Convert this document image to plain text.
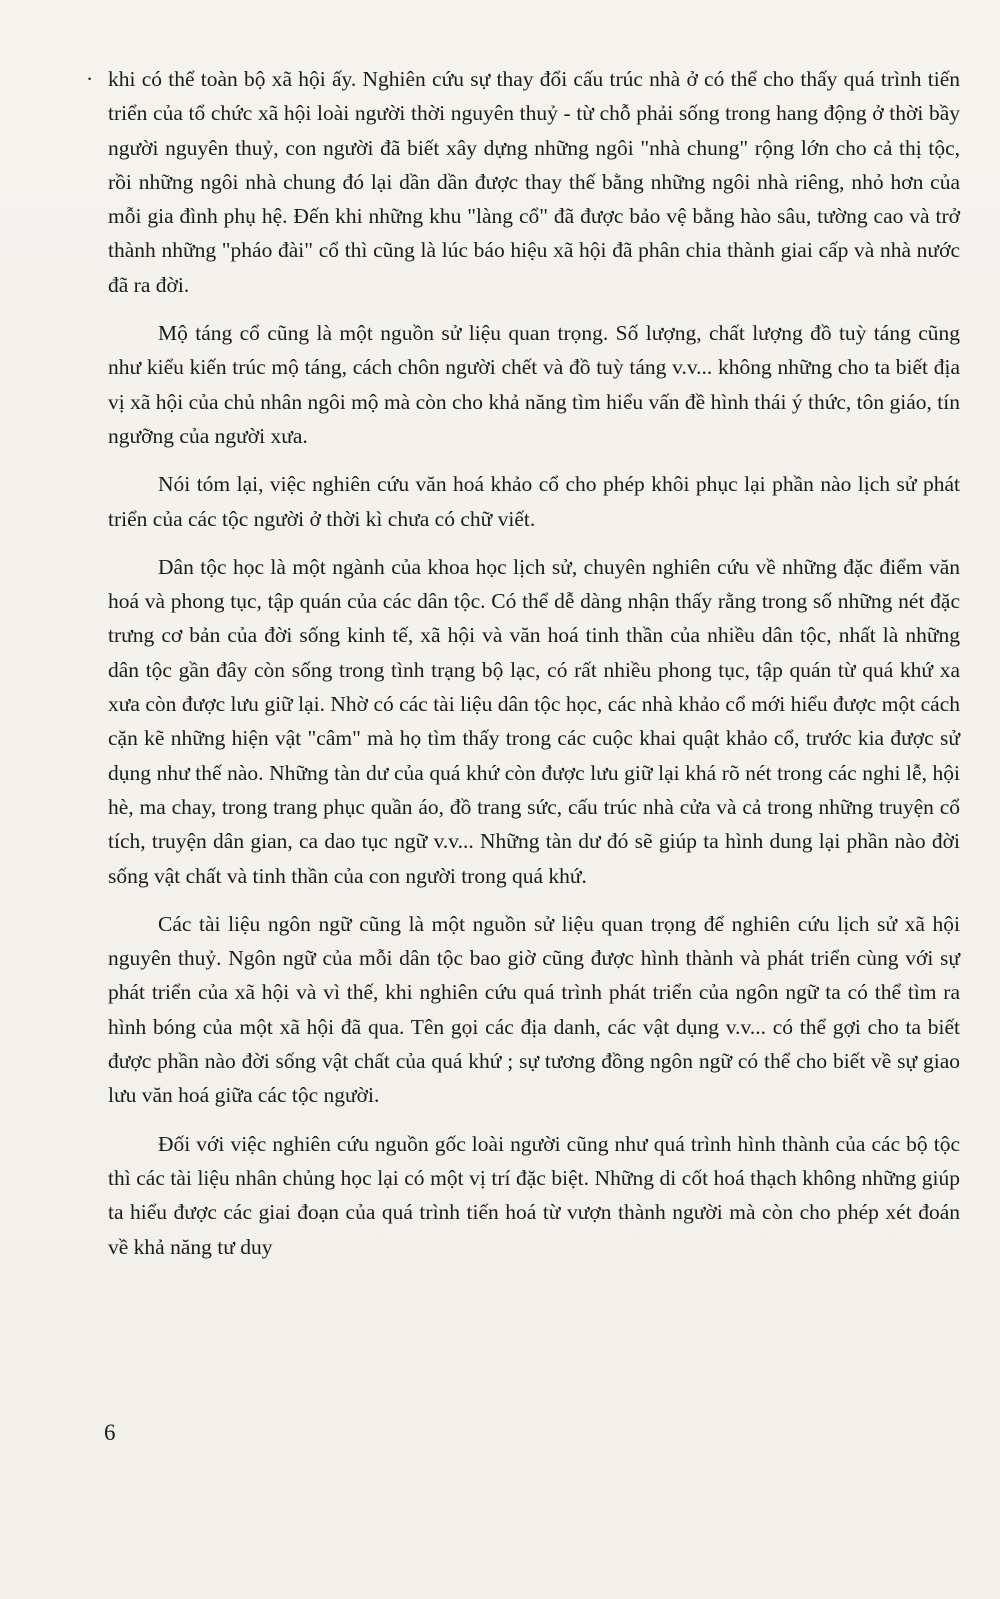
· khi có thể toàn bộ xã hội ấy. Nghiên cứu sự thay đổi cấu trúc nhà ở có thể cho thấy quá trình tiến triển của tổ chức xã hội loài người thời nguyên thuỷ - từ chỗ phải sống trong hang động ở thời bầy người nguyên thuỷ, con người đã biết xây dựng những ngôi "nhà chung" rộng lớn cho cả thị tộc, rồi những ngôi nhà chung đó lại dần dần được thay thế bằng những ngôi nhà riêng, nhỏ hơn của mỗi gia đình phụ hệ. Đến khi những khu "làng cổ" đã được bảo vệ bằng hào sâu, tường cao và trở thành những "pháo đài" cổ thì cũng là lúc báo hiệu xã hội đã phân chia thành giai cấp và nhà nước đã ra đời.

Mộ táng cổ cũng là một nguồn sử liệu quan trọng. Số lượng, chất lượng đồ tuỳ táng cũng như kiểu kiến trúc mộ táng, cách chôn người chết và đồ tuỳ táng v.v... không những cho ta biết địa vị xã hội của chủ nhân ngôi mộ mà còn cho khả năng tìm hiểu vấn đề hình thái ý thức, tôn giáo, tín ngưỡng của người xưa.

Nói tóm lại, việc nghiên cứu văn hoá khảo cổ cho phép khôi phục lại phần nào lịch sử phát triển của các tộc người ở thời kì chưa có chữ viết.

Dân tộc học là một ngành của khoa học lịch sử, chuyên nghiên cứu về những đặc điểm văn hoá và phong tục, tập quán của các dân tộc. Có thể dễ dàng nhận thấy rằng trong số những nét đặc trưng cơ bản của đời sống kinh tế, xã hội và văn hoá tinh thần của nhiều dân tộc, nhất là những dân tộc gần đây còn sống trong tình trạng bộ lạc, có rất nhiều phong tục, tập quán từ quá khứ xa xưa còn được lưu giữ lại. Nhờ có các tài liệu dân tộc học, các nhà khảo cổ mới hiểu được một cách cặn kẽ những hiện vật "câm" mà họ tìm thấy trong các cuộc khai quật khảo cổ, trước kia được sử dụng như thế nào. Những tàn dư của quá khứ còn được lưu giữ lại khá rõ nét trong các nghi lễ, hội hè, ma chay, trong trang phục quần áo, đồ trang sức, cấu trúc nhà cửa và cả trong những truyện cổ tích, truyện dân gian, ca dao tục ngữ v.v... Những tàn dư đó sẽ giúp ta hình dung lại phần nào đời sống vật chất và tinh thần của con người trong quá khứ.

Các tài liệu ngôn ngữ cũng là một nguồn sử liệu quan trọng để nghiên cứu lịch sử xã hội nguyên thuỷ. Ngôn ngữ của mỗi dân tộc bao giờ cũng được hình thành và phát triển cùng với sự phát triển của xã hội và vì thế, khi nghiên cứu quá trình phát triển của ngôn ngữ ta có thể tìm ra hình bóng của một xã hội đã qua. Tên gọi các địa danh, các vật dụng v.v... có thể gợi cho ta biết được phần nào đời sống vật chất của quá khứ ; sự tương đồng ngôn ngữ có thể cho biết về sự giao lưu văn hoá giữa các tộc người.

Đối với việc nghiên cứu nguồn gốc loài người cũng như quá trình hình thành của các bộ tộc thì các tài liệu nhân chủng học lại có một vị trí đặc biệt. Những di cốt hoá thạch không những giúp ta hiểu được các giai đoạn của quá trình tiến hoá từ vượn thành người mà còn cho phép xét đoán về khả năng tư duy

6
